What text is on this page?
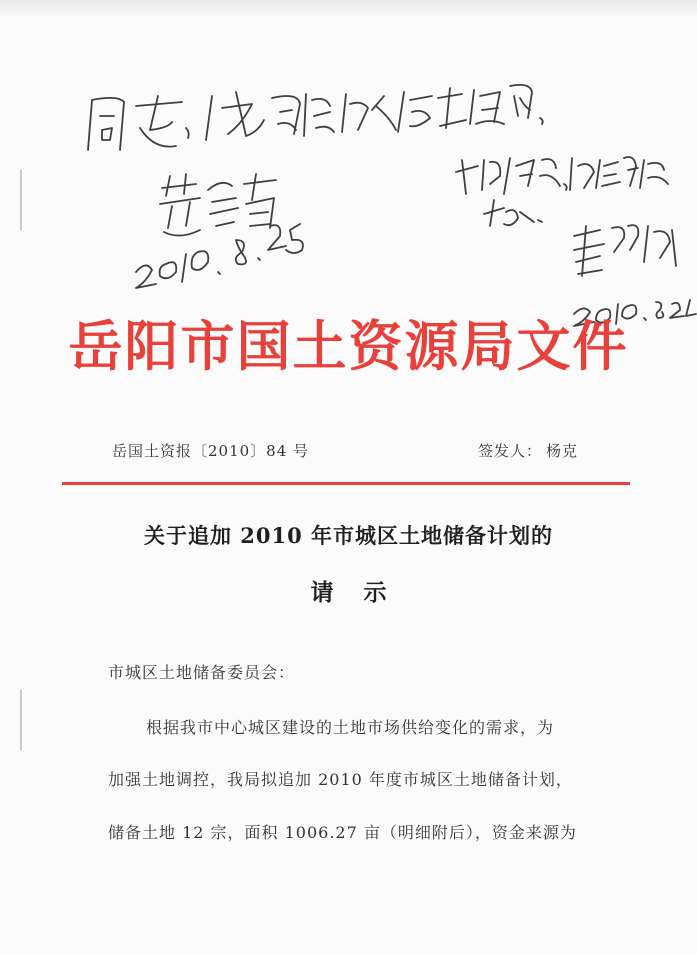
岳阳市国土资源局文件
岳国土资报〔2010〕84 号	签发人： 杨克
关于追加 2010 年市城区土地储备计划的
请示
市城区土地储备委员会：
根据我市中心城区建设的土地市场供给变化的需求，为
加强土地调控，我局拟追加 2010 年度市城区土地储备计划，
储备土地 12 宗，面积 1006.27 亩（明细附后），资金来源为
